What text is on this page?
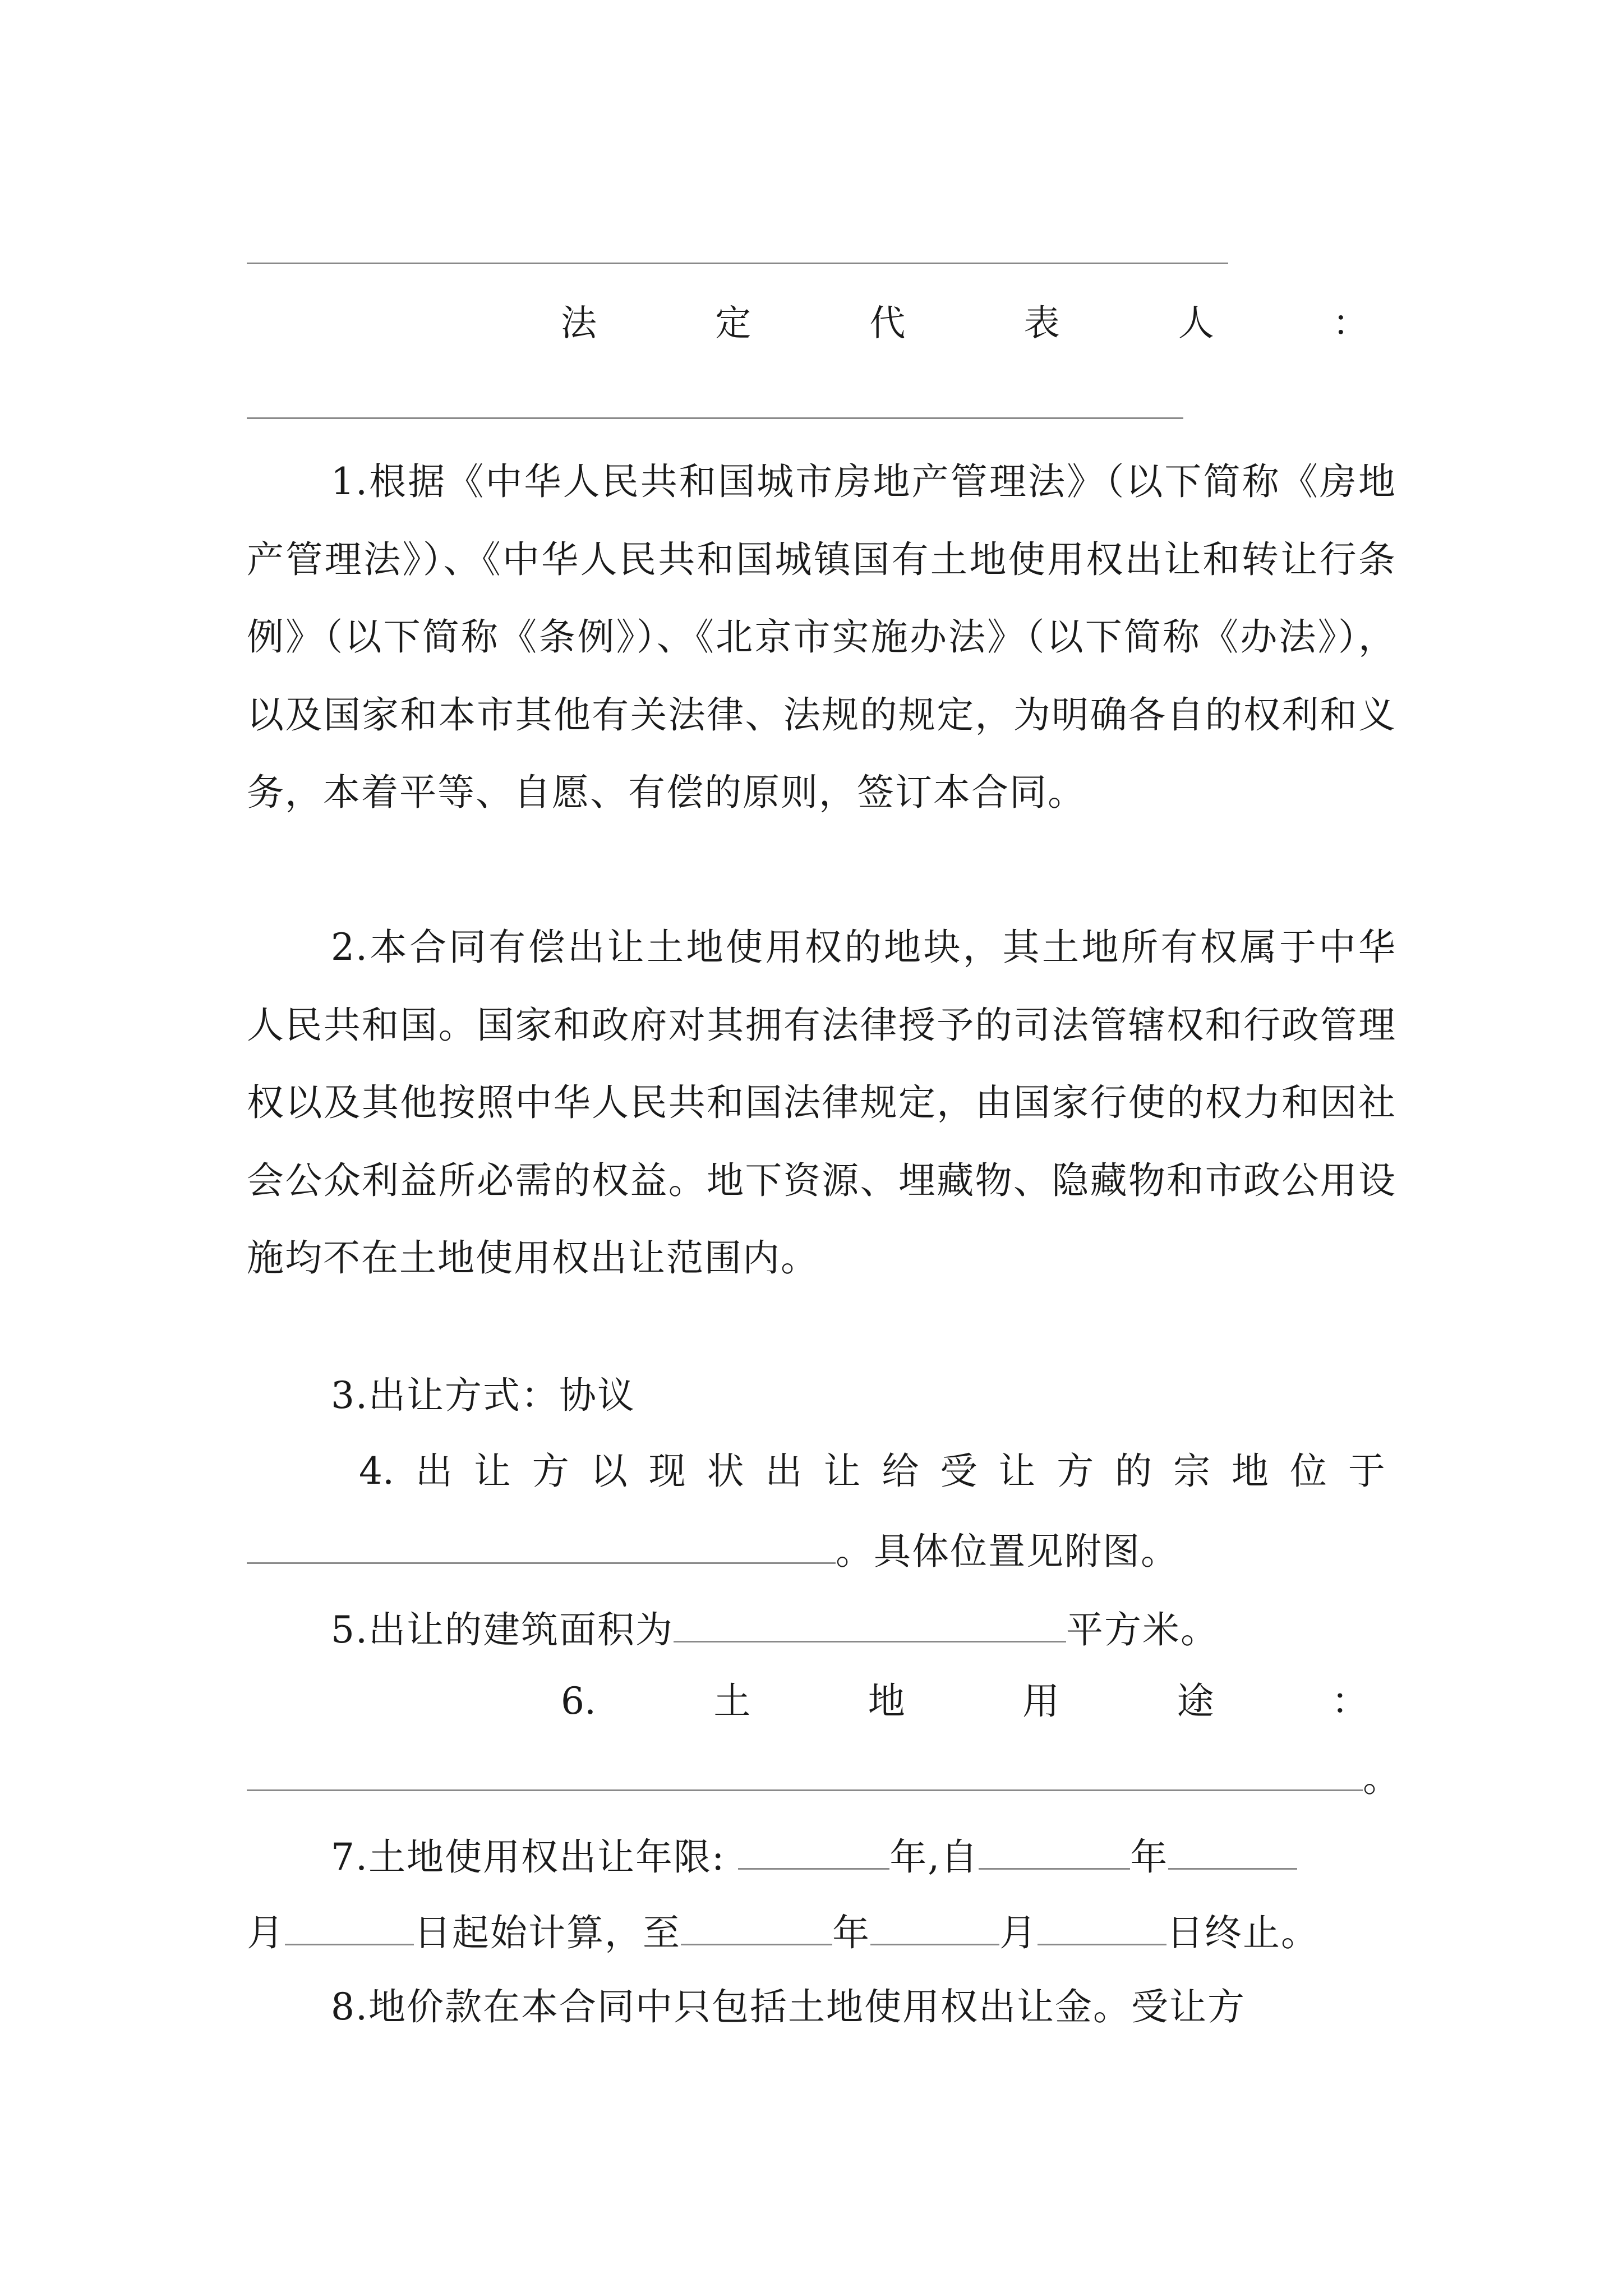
法	定	代	表	人	：

1.根据《中华人民共和国城市房地产管理法》（以下简称《房地产管理法》）、《中华人民共和国城镇国有土地使用权出让和转让行条例》（以下简称《条例》）、《北京市实施办法》（以下简称《办法》），以及国家和本市其他有关法律、法规的规定，为明确各自的权利和义务，本着平等、自愿、有偿的原则，签订本合同。

2.本合同有偿出让土地使用权的地块，其土地所有权属于中华人民共和国。国家和政府对其拥有法律授予的司法管辖权和行政管理权以及其他按照中华人民共和国法律规定，由国家行使的权力和因社会公众利益所必需的权益。地下资源、埋藏物、隐藏物和市政公用设施均不在土地使用权出让范围内。

3.出让方式：协议
4. 出 让 方 以 现 状 出 让 给 受 让 方 的 宗 地 位 于
。具体位置见附图。
5.出让的建筑面积为	平方米。
6.	土	地	用	途	：
。
7.土地使用权出让年限:	年,自	年
月	日起始计算，至	年	月	日终止。
8.地价款在本合同中只包括土地使用权出让金。受让方
